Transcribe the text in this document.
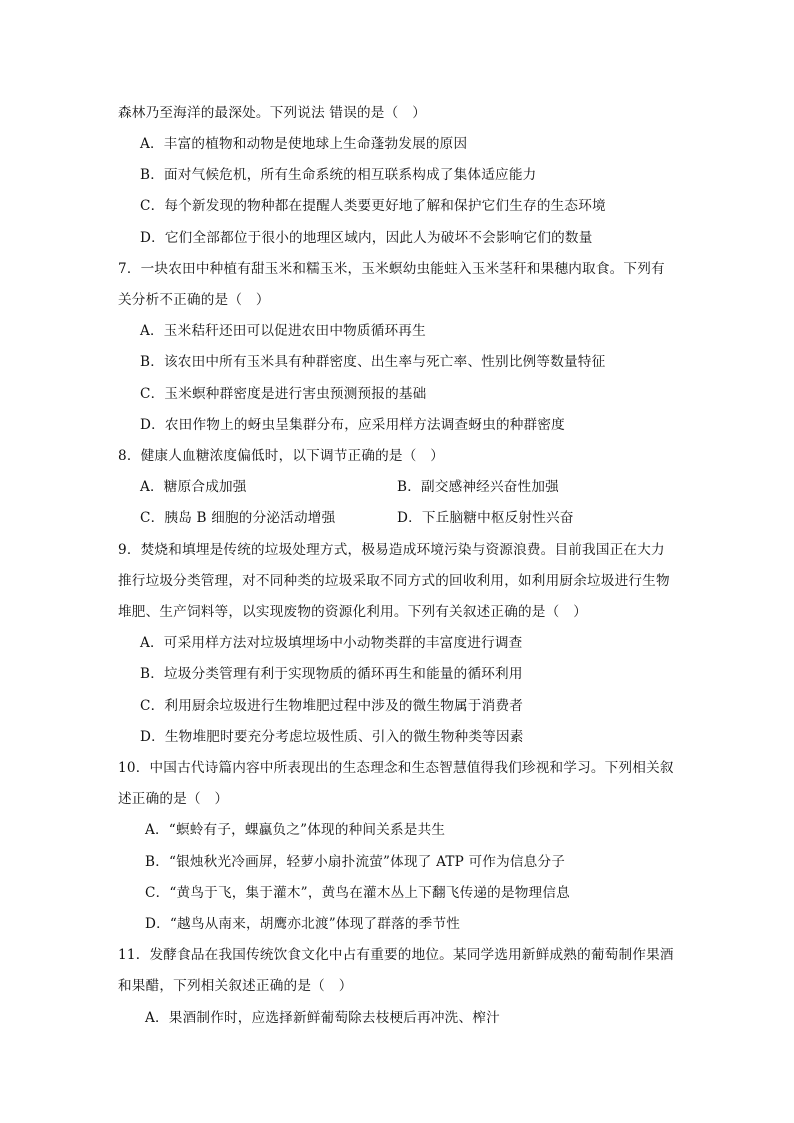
森林乃至海洋的最深处。下列说法 错误的是（　）
A．丰富的植物和动物是使地球上生命蓬勃发展的原因
B．面对气候危机，所有生命系统的相互联系构成了集体适应能力
C．每个新发现的物种都在提醒人类要更好地了解和保护它们生存的生态环境
D．它们全部都位于很小的地理区域内，因此人为破坏不会影响它们的数量
7．一块农田中种植有甜玉米和糯玉米，玉米螟幼虫能蛀入玉米茎秆和果穗内取食。下列有
关分析不正确的是（　）
A．玉米秸秆还田可以促进农田中物质循环再生
B．该农田中所有玉米具有种群密度、出生率与死亡率、性别比例等数量特征
C．玉米螟种群密度是进行害虫预测预报的基础
D．农田作物上的蚜虫呈集群分布，应采用样方法调查蚜虫的种群密度
8．健康人血糖浓度偏低时，以下调节正确的是（　）
A．糖原合成加强	B．副交感神经兴奋性加强
C．胰岛 B 细胞的分泌活动增强	D．下丘脑糖中枢反射性兴奋
9．焚烧和填埋是传统的垃圾处理方式，极易造成环境污染与资源浪费。目前我国正在大力
推行垃圾分类管理，对不同种类的垃圾采取不同方式的回收利用，如利用厨余垃圾进行生物
堆肥、生产饲料等，以实现废物的资源化利用。下列有关叙述正确的是（　）
A．可采用样方法对垃圾填埋场中小动物类群的丰富度进行调查
B．垃圾分类管理有利于实现物质的循环再生和能量的循环利用
C．利用厨余垃圾进行生物堆肥过程中涉及的微生物属于消费者
D．生物堆肥时要充分考虑垃圾性质、引入的微生物种类等因素
10．中国古代诗篇内容中所表现出的生态理念和生态智慧值得我们珍视和学习。下列相关叙
述正确的是（　）
A．“螟蛉有子，蜾蠃负之”体现的种间关系是共生
B．“银烛秋光冷画屏，轻萝小扇扑流萤”体现了 ATP 可作为信息分子
C．“黄鸟于飞，集于灌木”，黄鸟在灌木丛上下翻飞传递的是物理信息
D．“越鸟从南来，胡鹰亦北渡”体现了群落的季节性
11．发酵食品在我国传统饮食文化中占有重要的地位。某同学选用新鲜成熟的葡萄制作果酒
和果醋，下列相关叙述正确的是（　）
A．果酒制作时，应选择新鲜葡萄除去枝梗后再冲洗、榨汁
